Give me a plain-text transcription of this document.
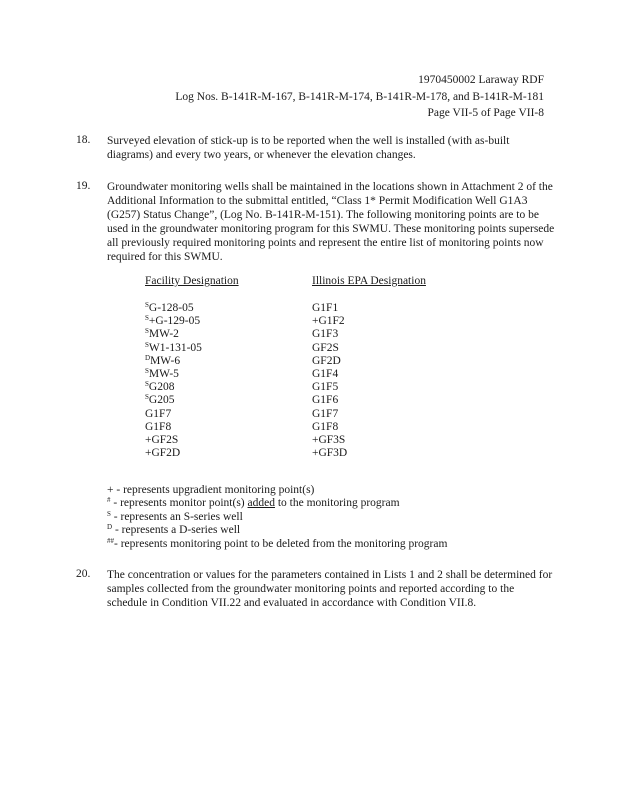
1970450002 Laraway RDF
Log Nos. B-141R-M-167, B-141R-M-174, B-141R-M-178, and B-141R-M-181
Page VII-5 of Page VII-8
18. Surveyed elevation of stick-up is to be reported when the well is installed (with as-built diagrams) and every two years, or whenever the elevation changes.
19. Groundwater monitoring wells shall be maintained in the locations shown in Attachment 2 of the Additional Information to the submittal entitled, “Class 1* Permit Modification Well G1A3 (G257) Status Change”, (Log No. B-141R-M-151). The following monitoring points are to be used in the groundwater monitoring program for this SWMU. These monitoring points supersede all previously required monitoring points and represent the entire list of monitoring points now required for this SWMU.
Facility Designation	Illinois EPA Designation
$^S$G-128-05
$^S$+G-129-05
$^S$MW-2
$^S$W1-131-05
$^D$MW-6
$^S$MW-5
$^S$G208
$^S$G205
G1F7
G1F8
+GF2S
+GF2D
G1F1
+G1F2
G1F3
GF2S
GF2D
G1F4
G1F5
G1F6
G1F7
G1F8
+GF3S
+GF3D
+ - represents upgradient monitoring point(s)
# - represents monitor point(s) added to the monitoring program
$^S$ - represents an S-series well
$^D$ - represents a D-series well
##- represents monitoring point to be deleted from the monitoring program
20. The concentration or values for the parameters contained in Lists 1 and 2 shall be determined for samples collected from the groundwater monitoring points and reported according to the schedule in Condition VII.22 and evaluated in accordance with Condition VII.8.
